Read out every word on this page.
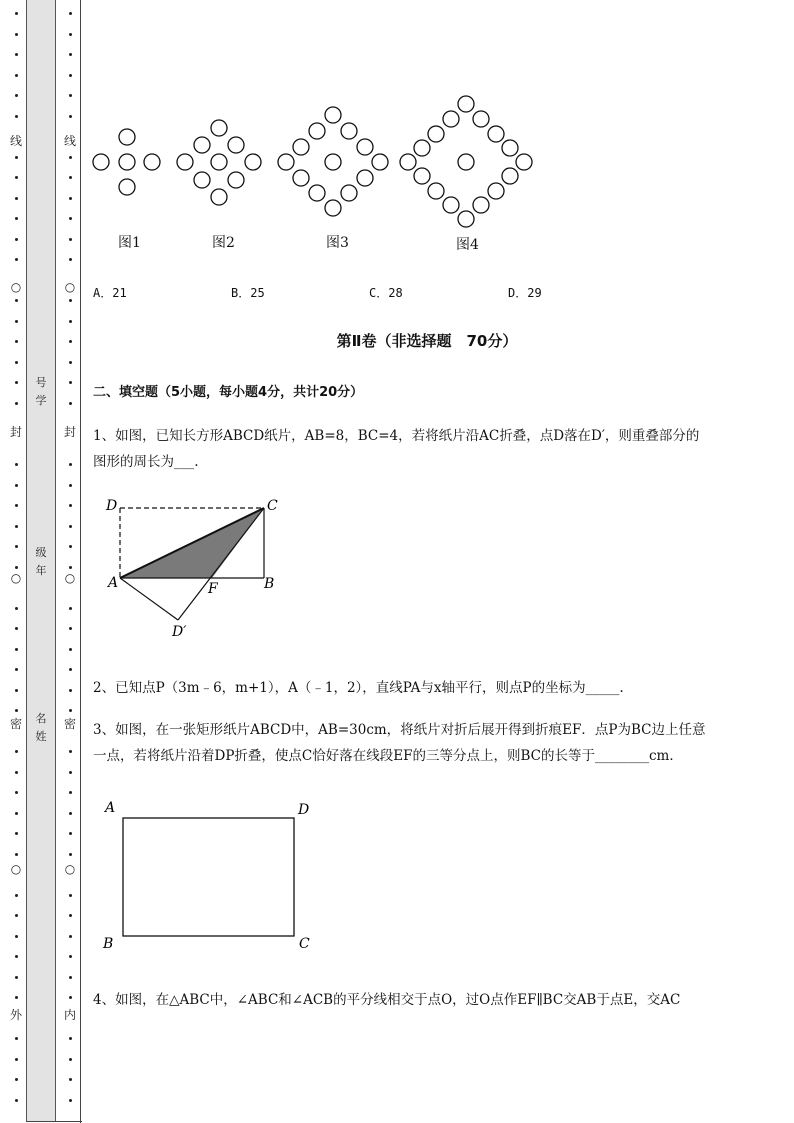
线
○
封
○
密
○
外
线
○
封
○
密
○
内
号
学
级
年
名
姓
图1	图2	图3	图4
A．21	B．25	C．28	D．29
第Ⅱ卷（非选择题　70分）
二、填空题（5小题，每小题4分，共计20分）
1、如图，已知长方形ABCD纸片，AB=8，BC=4，若将纸片沿AC折叠，点D落在D′，则重叠部分的
图形的周长为___.
D	C
A	B
F
D′
2、已知点P（3m﹣6，m+1），A（﹣1，2），直线PA与x轴平行，则点P的坐标为_____.
3、如图，在一张矩形纸片ABCD中，AB=30cm，将纸片对折后展开得到折痕EF．点P为BC边上任意
一点，若将纸片沿着DP折叠，使点C恰好落在线段EF的三等分点上，则BC的长等于________cm．
A	D
B	C
4、如图，在△ABC中，∠ABC和∠ACB的平分线相交于点O，过O点作EF∥BC交AB于点E，交AC
